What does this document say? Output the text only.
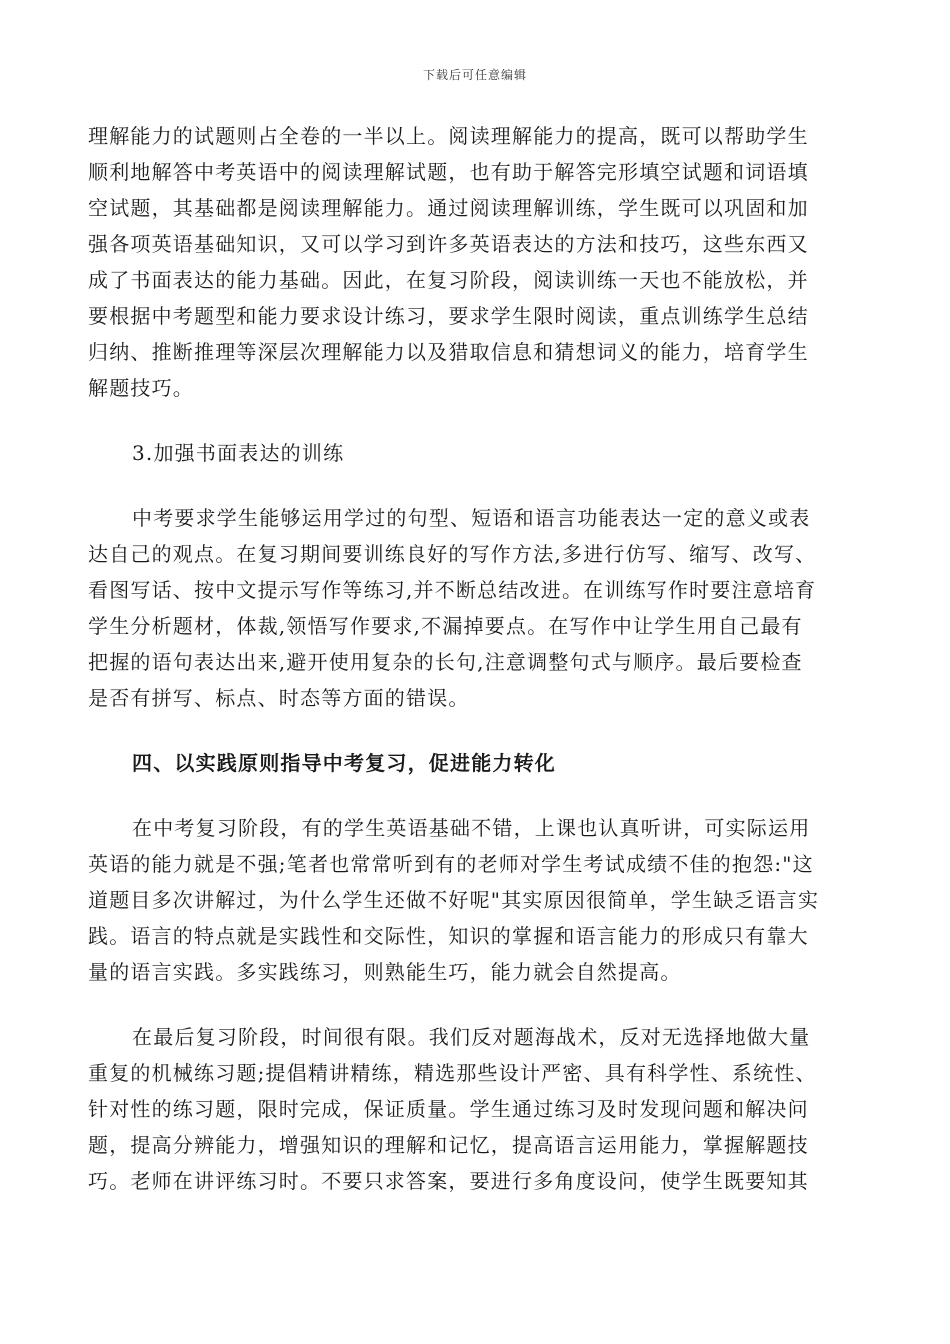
下载后可任意编辑
理解能力的试题则占全卷的一半以上。阅读理解能力的提高，既可以帮助学生
顺利地解答中考英语中的阅读理解试题，也有助于解答完形填空试题和词语填
空试题，其基础都是阅读理解能力。通过阅读理解训练，学生既可以巩固和加
强各项英语基础知识，又可以学习到许多英语表达的方法和技巧，这些东西又
成了书面表达的能力基础。因此，在复习阶段，阅读训练一天也不能放松，并
要根据中考题型和能力要求设计练习，要求学生限时阅读，重点训练学生总结
归纳、推断推理等深层次理解能力以及猎取信息和猜想词义的能力，培育学生
解题技巧。
3.加强书面表达的训练
中考要求学生能够运用学过的句型、短语和语言功能表达一定的意义或表
达自己的观点。在复习期间要训练良好的写作方法,多进行仿写、缩写、改写、
看图写话、按中文提示写作等练习,并不断总结改进。在训练写作时要注意培育
学生分析题材，体裁,领悟写作要求,不漏掉要点。在写作中让学生用自己最有
把握的语句表达出来,避开使用复杂的长句,注意调整句式与顺序。最后要检查
是否有拼写、标点、时态等方面的错误。
四、以实践原则指导中考复习，促进能力转化
在中考复习阶段，有的学生英语基础不错，上课也认真听讲，可实际运用
英语的能力就是不强;笔者也常常听到有的老师对学生考试成绩不佳的抱怨:"这
道题目多次讲解过，为什么学生还做不好呢"其实原因很简单，学生缺乏语言实
践。语言的特点就是实践性和交际性，知识的掌握和语言能力的形成只有靠大
量的语言实践。多实践练习，则熟能生巧，能力就会自然提高。
在最后复习阶段，时间很有限。我们反对题海战术，反对无选择地做大量
重复的机械练习题;提倡精讲精练，精选那些设计严密、具有科学性、系统性、
针对性的练习题，限时完成，保证质量。学生通过练习及时发现问题和解决问
题，提高分辨能力，增强知识的理解和记忆，提高语言运用能力，掌握解题技
巧。老师在讲评练习时。不要只求答案，要进行多角度设问，使学生既要知其
